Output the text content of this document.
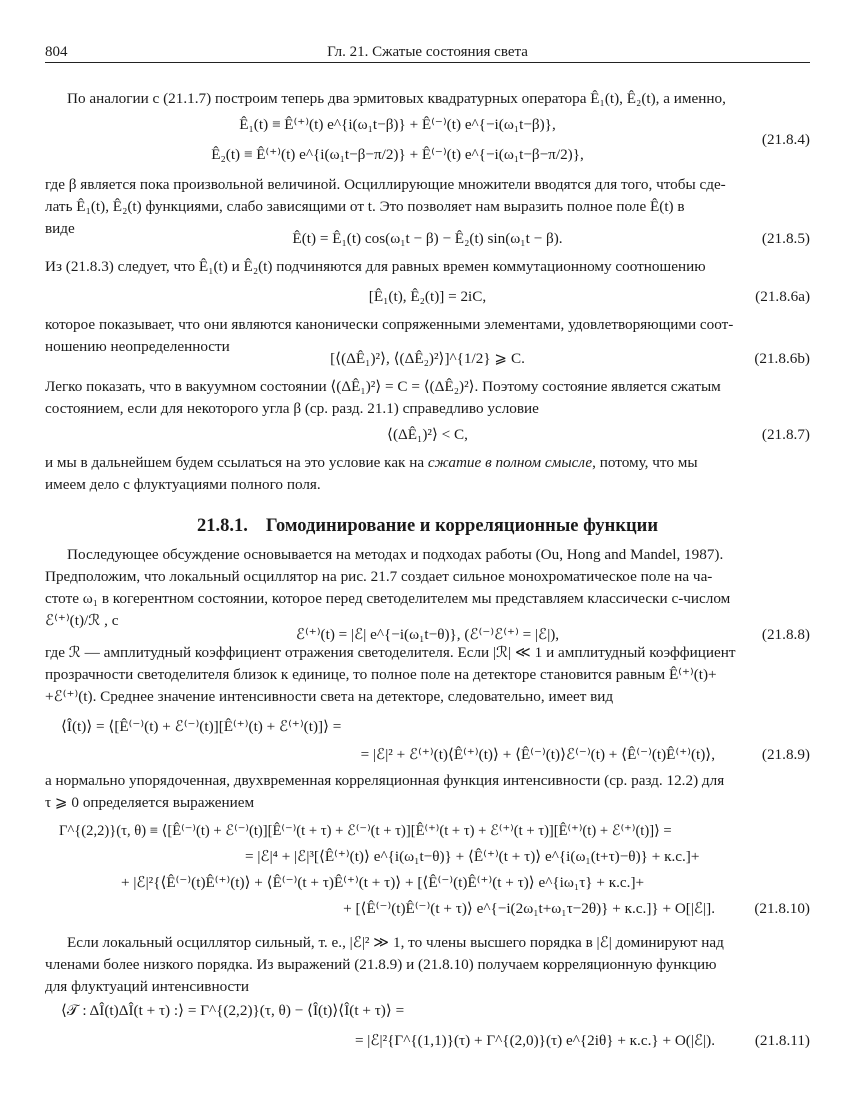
804	Гл. 21. Сжатые состояния света
По аналогии с (21.1.7) построим теперь два эрмитовых квадратурных оператора Ê₁(t), Ê₂(t), а именно,
Ê₁(t) ≡ Ê⁽⁺⁾(t) e^{i(ω₁t−β)} + Ê⁽⁻⁾(t) e^{−i(ω₁t−β)},
Ê₂(t) ≡ Ê⁽⁺⁾(t) e^{i(ω₁t−β−π/2)} + Ê⁽⁻⁾(t) e^{−i(ω₁t−β−π/2)},
(21.8.4)
где β является пока произвольной величиной. Осциллирующие множители вводятся для того, чтобы сде-
лать Ê₁(t), Ê₂(t) функциями, слабо зависящими от t. Это позволяет нам выразить полное поле Ê(t) в
виде
Ê(t) = Ê₁(t) cos(ω₁t − β) − Ê₂(t) sin(ω₁t − β).	(21.8.5)
Из (21.8.3) следует, что Ê₁(t) и Ê₂(t) подчиняются для равных времен коммутационному соотношению
[Ê₁(t), Ê₂(t)] = 2iC,	(21.8.6a)
которое показывает, что они являются канонически сопряженными элементами, удовлетворяющими соот-
ношению неопределенности
[⟨(ΔÊ₁)²⟩, ⟨(ΔÊ₂)²⟩]^{1/2} ⩾ C.	(21.8.6b)
Легко показать, что в вакуумном состоянии ⟨(ΔÊ₁)²⟩ = C = ⟨(ΔÊ₂)²⟩. Поэтому состояние является сжатым
состоянием, если для некоторого угла β (ср. разд. 21.1) справедливо условие
⟨(ΔÊ₁)²⟩ < C,	(21.8.7)
и мы в дальнейшем будем ссылаться на это условие как на сжатие в полном смысле, потому, что мы
имеем дело с флуктуациями полного поля.
21.8.1. Гомодинирование и корреляционные функции
Последующее обсуждение основывается на методах и подходах работы (Ou, Hong and Mandel, 1987).
Предположим, что локальный осциллятор на рис. 21.7 создает сильное монохроматическое поле на ча-
стоте ω₁ в когерентном состоянии, которое перед светоделителем мы представляем классически c-числом
ℰ⁽⁺⁾(t)/ℛ , с
ℰ⁽⁺⁾(t) = |ℰ| e^{−i(ω₁t−θ)}, (ℰ⁽⁻⁾ℰ⁽⁺⁾ = |ℰ|),	(21.8.8)
где ℛ — амплитудный коэффициент отражения светоделителя. Если |ℛ| ≪ 1 и амплитудный коэффициент
прозрачности светоделителя близок к единице, то полное поле на детекторе становится равным Ê⁽⁺⁾(t)+
+ℰ⁽⁺⁾(t). Среднее значение интенсивности света на детекторе, следовательно, имеет вид
⟨Î(t)⟩ = ⟨[Ê⁽⁻⁾(t) + ℰ⁽⁻⁾(t)][Ê⁽⁺⁾(t) + ℰ⁽⁺⁾(t)]⟩ =
= |ℰ|² + ℰ⁽⁺⁾(t)⟨Ê⁽⁺⁾(t)⟩ + ⟨Ê⁽⁻⁾(t)⟩ℰ⁽⁻⁾(t) + ⟨Ê⁽⁻⁾(t)Ê⁽⁺⁾(t)⟩,	(21.8.9)
а нормально упорядоченная, двухвременная корреляционная функция интенсивности (ср. разд. 12.2) для
τ ⩾ 0 определяется выражением
Γ^{(2,2)}(τ, θ) ≡ ⟨[Ê⁽⁻⁾(t) + ℰ⁽⁻⁾(t)][Ê⁽⁻⁾(t + τ) + ℰ⁽⁻⁾(t + τ)][Ê⁽⁺⁾(t + τ) + ℰ⁽⁺⁾(t + τ)][Ê⁽⁺⁾(t) + ℰ⁽⁺⁾(t)]⟩ =
= |ℰ|⁴ + |ℰ|³[⟨Ê⁽⁺⁾(t)⟩ e^{i(ω₁t−θ)} + ⟨Ê⁽⁺⁾(t + τ)⟩ e^{i(ω₁(t+τ)−θ)} + к.с.]+
+ |ℰ|²{⟨Ê⁽⁻⁾(t)Ê⁽⁺⁾(t)⟩ + ⟨Ê⁽⁻⁾(t + τ)Ê⁽⁺⁾(t + τ)⟩ + [⟨Ê⁽⁻⁾(t)Ê⁽⁺⁾(t + τ)⟩ e^{iω₁τ} + к.с.]+
+ [⟨Ê⁽⁻⁾(t)Ê⁽⁻⁾(t + τ)⟩ e^{−i(2ω₁t+ω₁τ−2θ)} + к.с.]} + O[|ℰ|].	(21.8.10)
Если локальный осциллятор сильный, т. е., |ℰ|² ≫ 1, то члены высшего порядка в |ℰ| доминируют над
членами более низкого порядка. Из выражений (21.8.9) и (21.8.10) получаем корреляционную функцию
для флуктуаций интенсивности
⟨𝒯 : ΔÎ(t)ΔÎ(t + τ) :⟩ = Γ^{(2,2)}(τ, θ) − ⟨Î(t)⟩⟨Î(t + τ)⟩ =
= |ℰ|²{Γ^{(1,1)}(τ) + Γ^{(2,0)}(τ) e^{2iθ} + к.с.} + O(|ℰ|).	(21.8.11)
